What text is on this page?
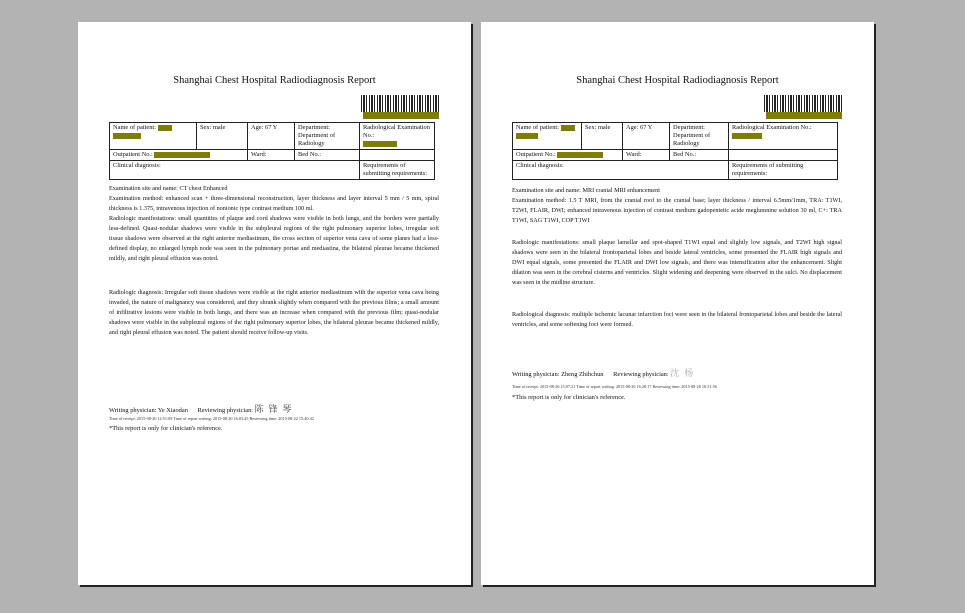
Shanghai Chest Hospital Radiodiagnosis Report
Name of patient:	Sex: male	Age: 67 Y	Department: Department of Radiology	Radiological Examination No.:

Outpatient No.:		Ward:	Bed No.:	
Clinical diagnosis:				Requirements of submitting requirements:
Examination site and name: CT chest Enhanced
Examination method: enhanced scan + three-dimensional reconstruction, layer thickness and layer interval 5 mm / 5 mm, spiral thickness is 1.375, intravenous injection of nonionic type contrast medium 100 ml.
Radiologic manifestations: small quantities of plaque and cord shadows were visible in both lungs, and the borders were partially less-defined. Quasi-nodular shadows were visible in the subpleural regions of the right pulmonary superior lobes, irregular soft tissue shadows were observed at the right anterior mediastinum, the cross section of superior vena cava of some planes had a less-defined display, no enlarged lymph node was seen in the pulmonary portae and mediastina, the bilateral pleurae became thickened mildly, and right pleural effusion was noted.
Radiologic diagnosis: Irregular soft tissue shadows were visible at the right anterior mediastinum with the superior vena cava being invaded, the nature of malignancy was considered, and they shrank slightly when compared with the previous films; a small amount of infiltrative lesions were visible in both lungs, and there was an increase when compared with the previous film; quasi-nodular shadows were visible in the subpleural regions of the right pulmonary superior lobes, the bilateral pleurae became thickened mildly, and right pleural effusion was noted. The patient should receive follow-up visits.
Writing physician: Ye Xiaodan Reviewing physician: 陈 锋 琴
Time of receipt: 2015-08-20 14:51:09 Time of report writing: 2015-08-20 16:03:45 Reviewing time: 2015-08-22 15:40:42
*This report is only for clinician's reference.
Shanghai Chest Hospital Radiodiagnosis Report
Name of patient:	Sex: male	Age: 67 Y	Department: Department of Radiology	Radiological Examination No.:

Outpatient No.:		Ward:	Bed No.:	
Clinical diagnosis:				Requirements of submitting requirements:
Examination site and name: MRI cranial MRI enhancement
Examination method: 1.5 T MRI, from the cranial roof to the cranial base; layer thickness / interval 6.5mm/1mm, TRA: T1WI, T2WI, FLAIR, DWI; enhanced intravenous injection of contrast medium gadopentetic acide meglumnine solution 30 ml, C+: TRA T1WI, SAG T1WI, COP T1WI
Radiologic manifestations: small plaque lamellar and spot-shaped T1WI equal and slightly low signals, and T2WI high signal shadows were seen in the bilateral frontoparietal lobes and beside lateral ventricles, some presented the FLAIR high signals and DWI equal signals, some presented the FLAIR and DWI low signals, and there was intensification after the enhancement. Slight dilation was seen in the cerebral cisterns and ventricles. Slight widening and deepening were observed in the sulci. No displacement was seen in the midline structure.
Radiological diagnosis: multiple ischemic lacunar infarction foci were seen in the bilateral frontoparietal lobes and beside the lateral ventricles, and some softening foci were formed.
Writing physician: Zheng Zhihchun Reviewing physician: 沈 杨
Time of receipt: 2015-08-26 15:07:21 Time of report writing: 2015-08-26 16:28:17 Reviewing time: 2015-08-26 16:51:56
*This report is only for clinician's reference.
